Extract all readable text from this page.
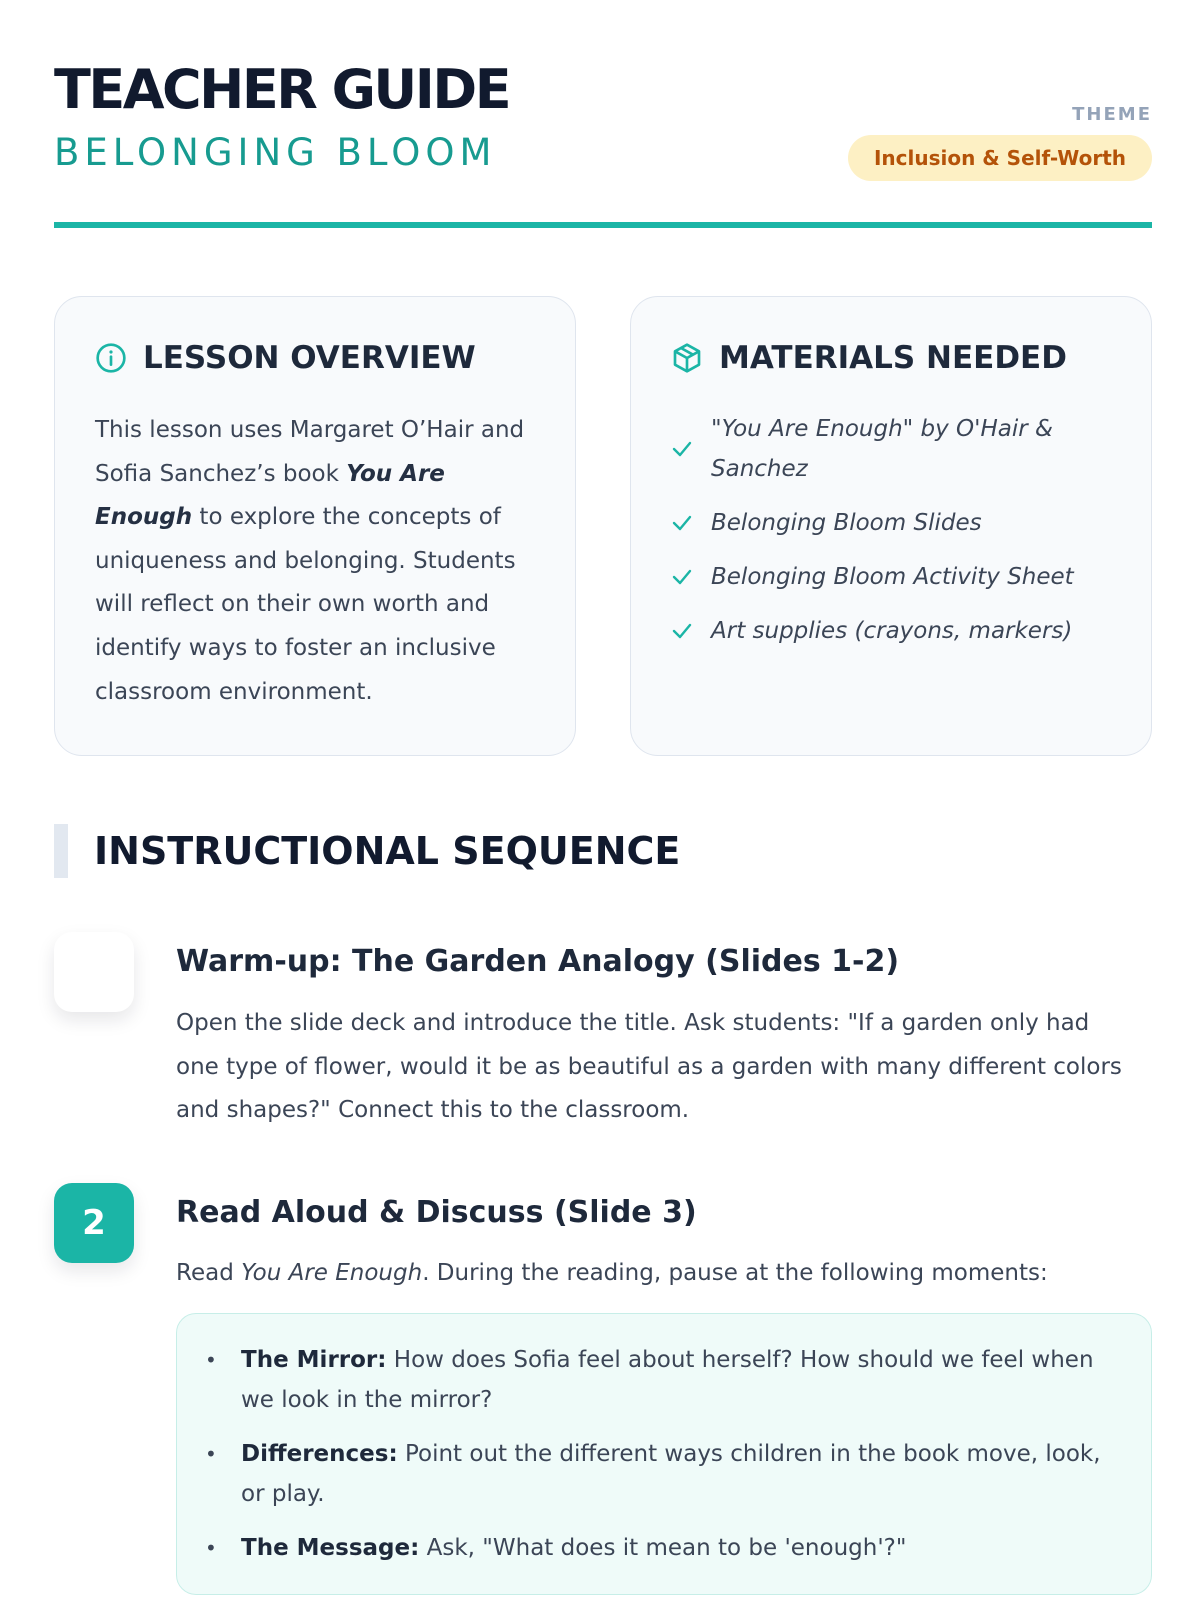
TEACHER GUIDE
BELONGING BLOOM
THEME
Inclusion & Self-Worth
LESSON OVERVIEW

This lesson uses Margaret O’Hair and Sofia Sanchez’s book You Are Enough to explore the concepts of uniqueness and belonging. Students will reflect on their own worth and identify ways to foster an inclusive classroom environment.

MATERIALS NEEDED
"You Are Enough" by O'Hair & Sanchez
Belonging Bloom Slides
Belonging Bloom Activity Sheet
Art supplies (crayons, markers)
INSTRUCTIONAL SEQUENCE
Warm-up: The Garden Analogy (Slides 1-2)

Open the slide deck and introduce the title. Ask students: "If a garden only had one type of flower, would it be as beautiful as a garden with many different colors and shapes?" Connect this to the classroom.

2	Read Aloud & Discuss (Slide 3)

Read You Are Enough. During the reading, pause at the following moments:

• The Mirror: How does Sofia feel about herself? How should we feel when we look in the mirror?
• Differences: Point out the different ways children in the book move, look, or play.
• The Message: Ask, "What does it mean to be 'enough'?"
